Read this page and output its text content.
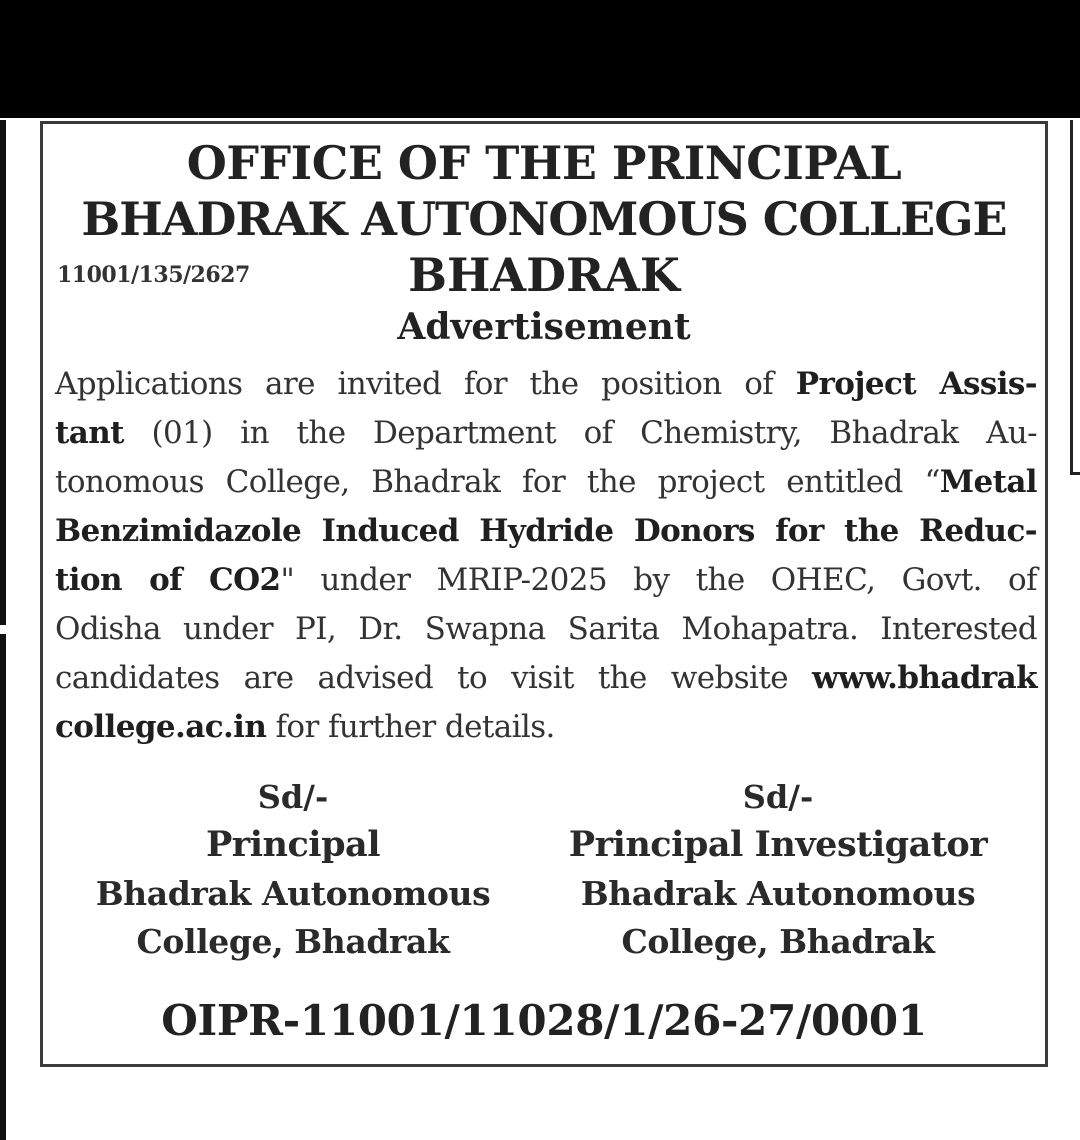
OFFICE OF THE PRINCIPAL
BHADRAK AUTONOMOUS COLLEGE
11001/135/2627	BHADRAK
Advertisement
Applications are invited for the position of Project Assis-
tant (01) in the Department of Chemistry, Bhadrak Au-
tonomous College, Bhadrak for the project entitled “Metal
Benzimidazole Induced Hydride Donors for the Reduc-
tion of CO2" under MRIP-2025 by the OHEC, Govt. of
Odisha under PI, Dr. Swapna Sarita Mohapatra. Interested
candidates are advised to visit the website www.bhadrak
college.ac.in for further details.
Sd/-
Principal
Bhadrak Autonomous
College, Bhadrak
Sd/-
Principal Investigator
Bhadrak Autonomous
College, Bhadrak
OIPR-11001/11028/1/26-27/0001
